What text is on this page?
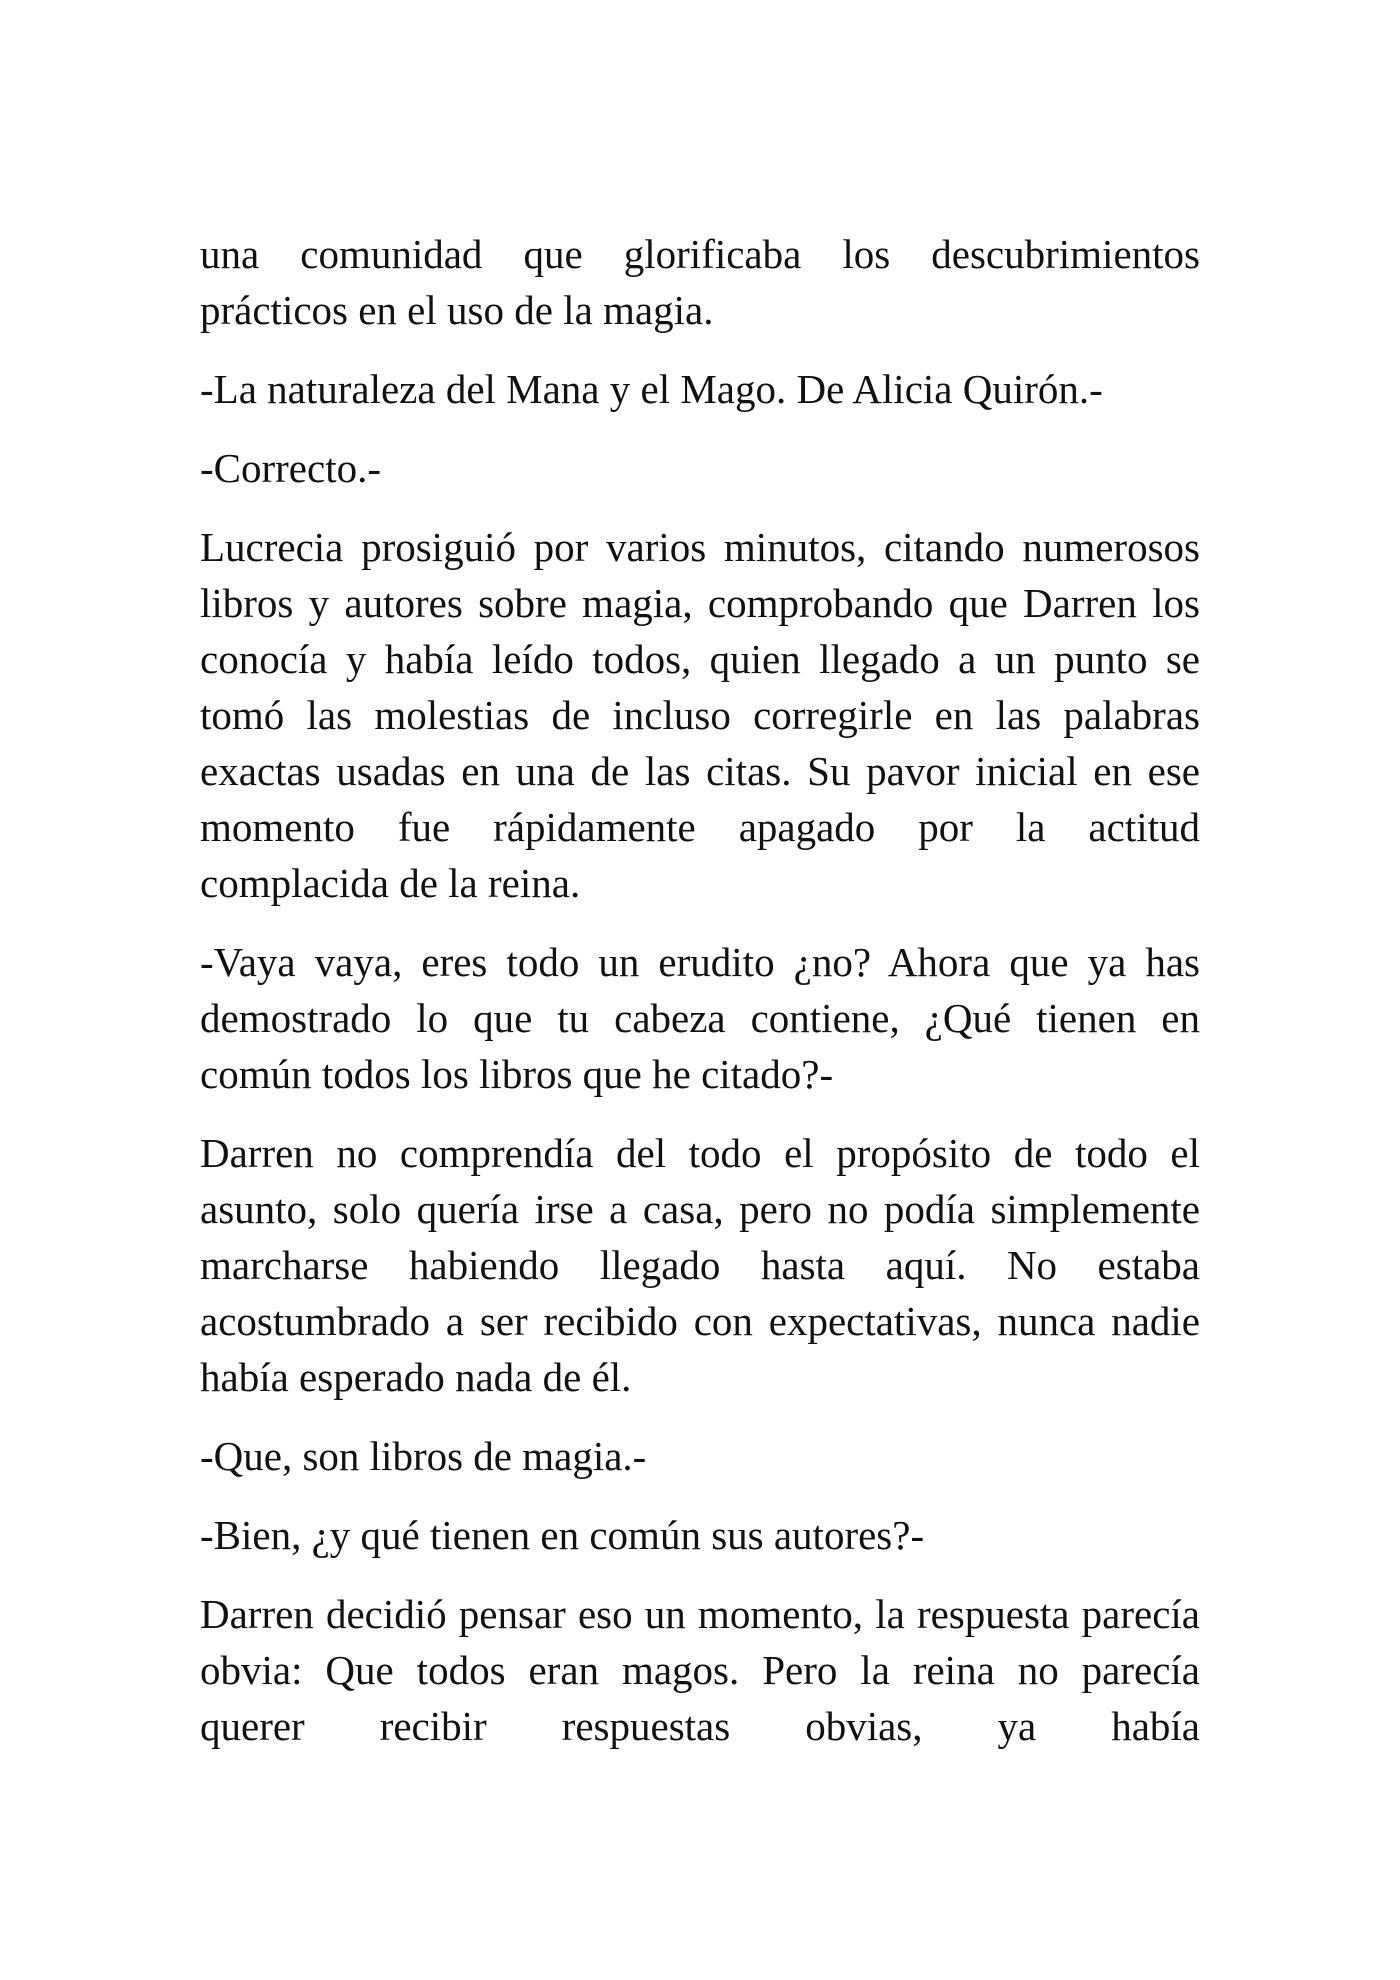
una comunidad que glorificaba los descubrimientos prácticos en el uso de la magia.

-La naturaleza del Mana y el Mago. De Alicia Quirón.-

-Correcto.-

Lucrecia prosiguió por varios minutos, citando numerosos libros y autores sobre magia, comprobando que Darren los conocía y había leído todos, quien llegado a un punto se tomó las molestias de incluso corregirle en las palabras exactas usadas en una de las citas. Su pavor inicial en ese momento fue rápidamente apagado por la actitud complacida de la reina.

-Vaya vaya, eres todo un erudito ¿no? Ahora que ya has demostrado lo que tu cabeza contiene, ¿Qué tienen en común todos los libros que he citado?-

Darren no comprendía del todo el propósito de todo el asunto, solo quería irse a casa, pero no podía simplemente marcharse habiendo llegado hasta aquí. No estaba acostumbrado a ser recibido con expectativas, nunca nadie había esperado nada de él.

-Que, son libros de magia.-

-Bien, ¿y qué tienen en común sus autores?-

Darren decidió pensar eso un momento, la respuesta parecía obvia: Que todos eran magos. Pero la reina no parecía querer recibir respuestas obvias, ya había
